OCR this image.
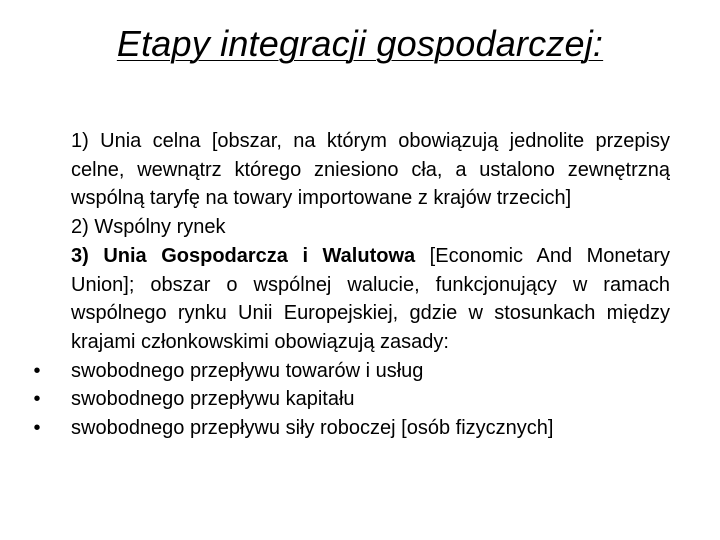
Etapy integracji gospodarczej:

1) Unia celna [obszar, na którym obowiązują jednolite przepisy celne, wewnątrz którego zniesiono cła, a ustalono zewnętrzną wspólną taryfę na towary importowane z krajów trzecich]

2) Wspólny rynek

3) Unia Gospodarcza i Walutowa [Economic And Monetary Union]; obszar o wspólnej walucie, funkcjonujący w ramach wspólnego rynku Unii Europejskiej, gdzie w stosunkach między krajami członkowskimi obowiązują zasady:

•	swobodnego przepływu towarów i usług
•	swobodnego przepływu kapitału
•	swobodnego przepływu siły roboczej [osób fizycznych]
